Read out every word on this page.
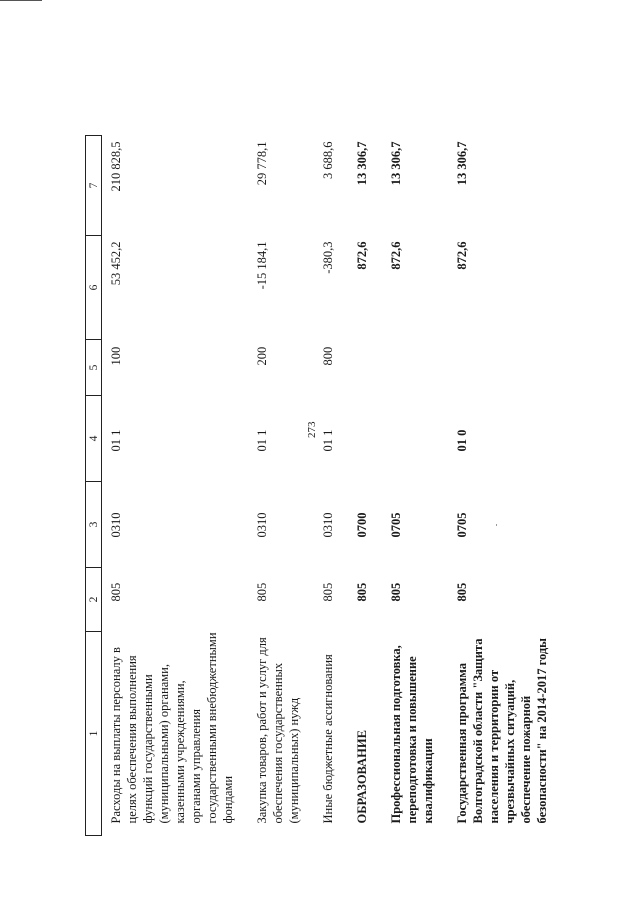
273
1	2	3	4	5	6	7
Расходы на выплаты персоналу в целях обеспечения выполнения функций государственными (муниципальными) органами, казенными учреждениями, органами управления государственными внебюджетными фондами	805	0310	01 1	100	53 452,2	210 828,5
Закупка товаров, работ и услуг для обеспечения государственных (муниципальных) нужд	805	0310	01 1	200	-15 184,1	29 778,1
Иные бюджетные ассигнования	805	0310	01 1	800	-380,3	3 688,6
ОБРАЗОВАНИЕ	805	0700			872,6	13 306,7
Профессиональная подготовка, переподготовка и повышение квалификации	805	0705			872,6	13 306,7
Государственная программа Волгоградской области "Защита населения и территории от чрезвычайных ситуаций, обеспечение пожарной безопасности" на 2014-2017 годы	805	0705	01 0		872,6	13 306,7
